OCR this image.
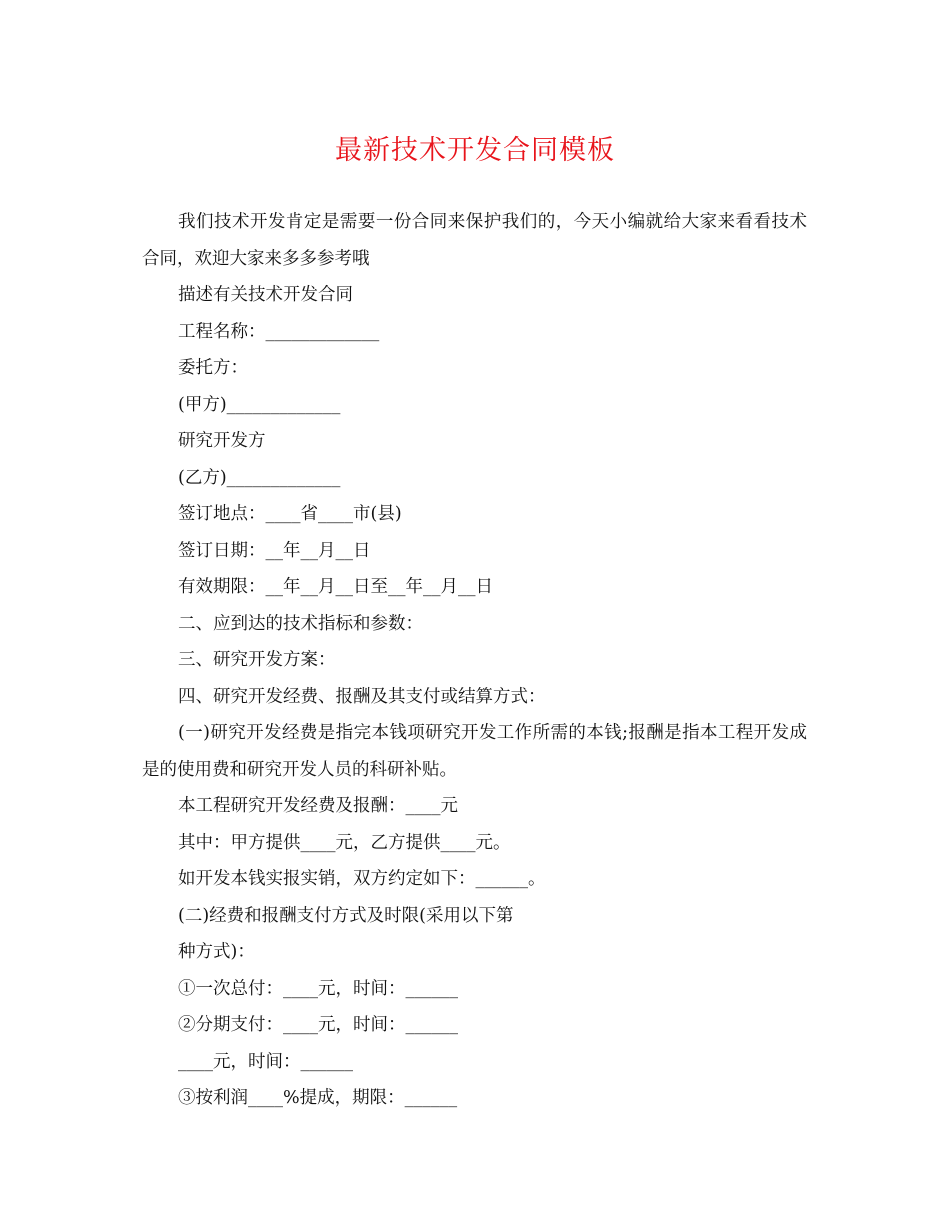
最新技术开发合同模板

我们技术开发肯定是需要一份合同来保护我们的，今天小编就给大家来看看技术合同，欢迎大家来多多参考哦

描述有关技术开发合同

工程名称：_____________

委托方：

(甲方)_____________

研究开发方

(乙方)_____________

签订地点：____省____市(县)

签订日期：__年__月__日

有效期限：__年__月__日至__年__月__日

二、应到达的技术指标和参数：

三、研究开发方案：

四、研究开发经费、报酬及其支付或结算方式：

(一)研究开发经费是指完本钱项研究开发工作所需的本钱;报酬是指本工程开发成是的使用费和研究开发人员的科研补贴。

本工程研究开发经费及报酬：____元

其中：甲方提供____元，乙方提供____元。

如开发本钱实报实销，双方约定如下：______。

(二)经费和报酬支付方式及时限(采用以下第

种方式)：

①一次总付：____元，时间：______

②分期支付：____元，时间：______

____元，时间：______

③按利润____%提成，期限：______
